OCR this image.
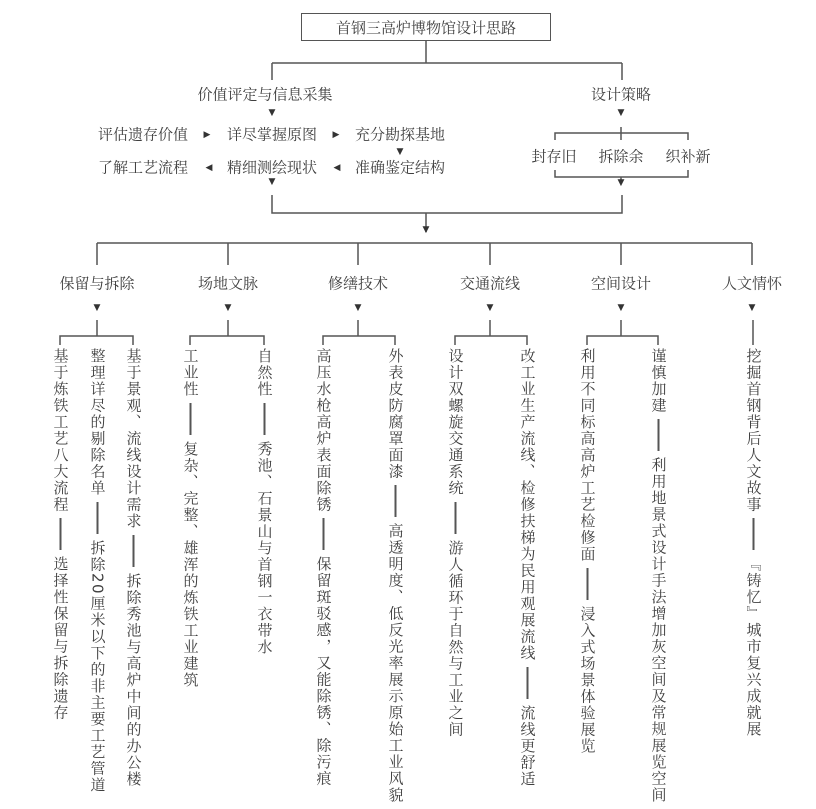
首钢三高炉博物馆设计思路
价值评定与信息采集
▼
评估遗存价值 ▶ 详尽掌握原图 ▶ 充分勘探基地
▼
准确鉴定结构
◀
精细测绘现状
◀
了解工艺流程
▼
设计策略
▼
封存旧 拆除余 织补新
▼
▼
保留与拆除
▼
基于炼铁工艺八大流程
选择性保留与拆除遗存
整理详尽的剔除名单
拆除20厘米以下的非主要工艺管道
基于景观、流线设计需求
拆除秀池与高炉中间的办公楼
场地文脉
▼
工业性
复杂、完整、雄浑的炼铁工业建筑
自然性
秀池、石景山与首钢一衣带水
修缮技术
▼
高压水枪高炉表面除锈
保留斑驳感，又能除锈、除污痕
外表皮防腐罩面漆
高透明度、低反光率展示原始工业风貌
交通流线
▼
设计双螺旋交通系统
游人循环于自然与工业之间	改工业生产流线、检修扶梯为民用观展流线
流线更舒适
空间设计
▼
利用不同标高高炉工艺检修面
浸入式场景体验展览
谨慎加建
利用地景式设计手法增加灰空间及常规展览空间
人文情怀
▼
挖掘首钢背后人文故事
『铸忆』城市复兴成就展
